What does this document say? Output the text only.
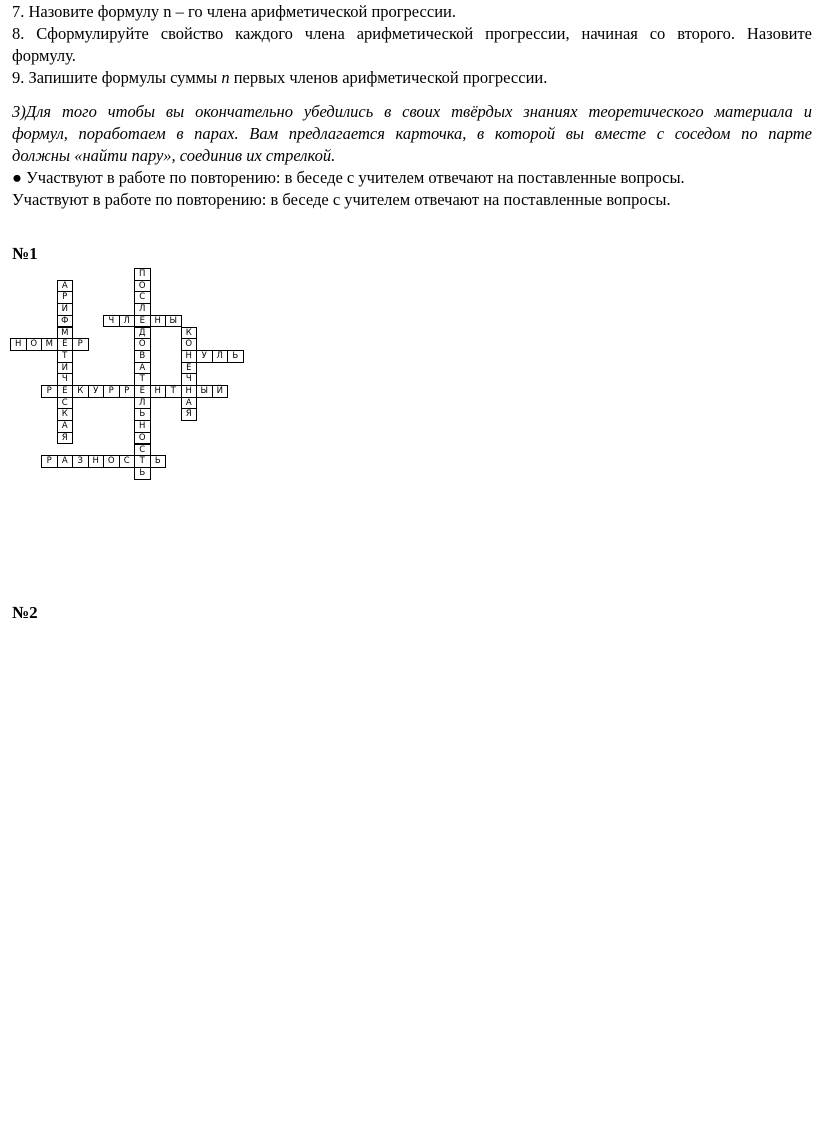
7. Назовите формулу n – го члена арифметической прогрессии.
8. Сформулируйте свойство каждого члена арифметической прогрессии, начиная со второго. Назовите
формулу.
9. Запишите формулы суммы n первых членов арифметической прогрессии.
3)Для того чтобы вы окончательно убедились в своих твёрдых знаниях теоретического материала и
формул, поработаем в парах. Вам предлагается карточка, в которой вы вместе с соседом по парте
должны «найти пару», соединив их стрелкой.
● Участвуют в работе по повторению: в беседе с учителем отвечают на поставленные вопросы.
Участвуют в работе по повторению: в беседе с учителем отвечают на поставленные вопросы.
№1
А
Р
И
Ф
М
Е
Т
И
Ч
Е
С
К
А
Я
П
О
С
Л
Е
Д
О
В
А
Т
Е
Л
Ь
Н
О
С
Т
Ь
К
О
Н
Е
Ч
Н
А
Я
Ч	Л	Н	Ы
Н	О М	Р
У	Л	Ь
Р	К	У	Р	Р	Н	Т	Ы	Й
Р	А	З	Н	О	С	Ь
№2
